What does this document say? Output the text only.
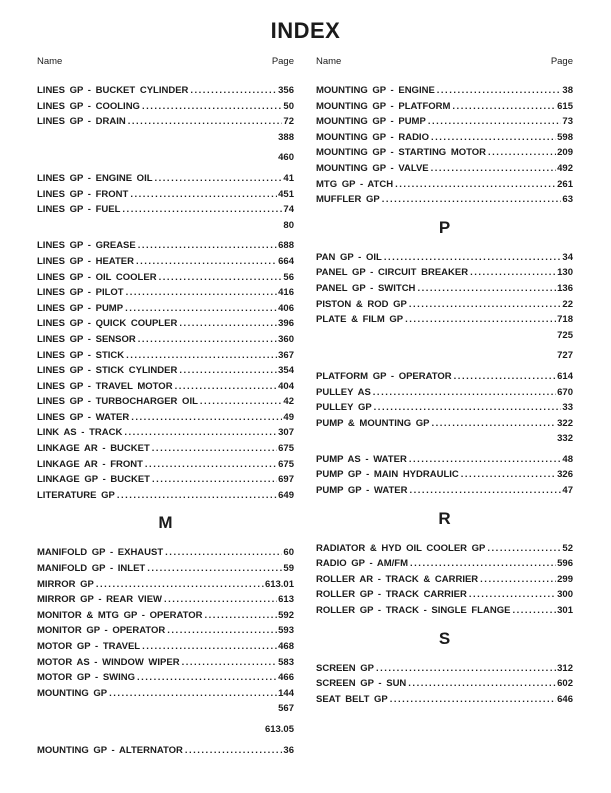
INDEX
Name	Page
LINES GP - BUCKET CYLINDER .....	356
LINES GP - COOLING .....	50
LINES GP - DRAIN .....	72
388
460
LINES GP - ENGINE OIL .....	41
LINES GP - FRONT .....	451
LINES GP - FUEL .....	74
80
LINES GP - GREASE .....	688
LINES GP - HEATER .....	664
LINES GP - OIL COOLER .....	56
LINES GP - PILOT .....	416
LINES GP - PUMP .....	406
LINES GP - QUICK COUPLER .....	396
LINES GP - SENSOR .....	360
LINES GP - STICK .....	367
LINES GP - STICK CYLINDER .....	354
LINES GP - TRAVEL MOTOR .....	404
LINES GP - TURBOCHARGER OIL .....	42
LINES GP - WATER .....	49
LINK AS - TRACK .....	307
LINKAGE AR - BUCKET .....	675
LINKAGE AR - FRONT .....	675
LINKAGE GP - BUCKET .....	697
LITERATURE GP .....	649
M
MANIFOLD GP - EXHAUST .....	60
MANIFOLD GP - INLET .....	59
MIRROR GP .....	613.01
MIRROR GP - REAR VIEW .....	613
MONITOR & MTG GP - OPERATOR .....	592
MONITOR GP - OPERATOR .....	593
MOTOR GP - TRAVEL .....	468
MOTOR AS - WINDOW WIPER .....	583
MOTOR GP - SWING .....	466
MOUNTING GP .....	144
567
613.05
MOUNTING GP - ALTERNATOR .....	36
Name	Page
MOUNTING GP - ENGINE .....	38
MOUNTING GP - PLATFORM .....	615
MOUNTING GP - PUMP .....	73
MOUNTING GP - RADIO .....	598
MOUNTING GP - STARTING MOTOR .....	209
MOUNTING GP - VALVE .....	492
MTG GP - ATCH .....	261
MUFFLER GP .....	63
P
PAN GP - OIL .....	34
PANEL GP - CIRCUIT BREAKER .....	130
PANEL GP - SWITCH .....	136
PISTON & ROD GP .....	22
PLATE & FILM GP .....	718
725
727
PLATFORM GP - OPERATOR .....	614
PULLEY AS .....	670
PULLEY GP .....	33
PUMP & MOUNTING GP .....	322
332
PUMP AS - WATER .....	48
PUMP GP - MAIN HYDRAULIC .....	326
PUMP GP - WATER .....	47
R
RADIATOR & HYD OIL COOLER GP .....	52
RADIO GP - AM/FM .....	596
ROLLER AR - TRACK & CARRIER .....	299
ROLLER GP - TRACK CARRIER .....	300
ROLLER GP - TRACK - SINGLE FLANGE .....	301
S
SCREEN GP .....	312
SCREEN GP - SUN .....	602
SEAT BELT GP .....	646
